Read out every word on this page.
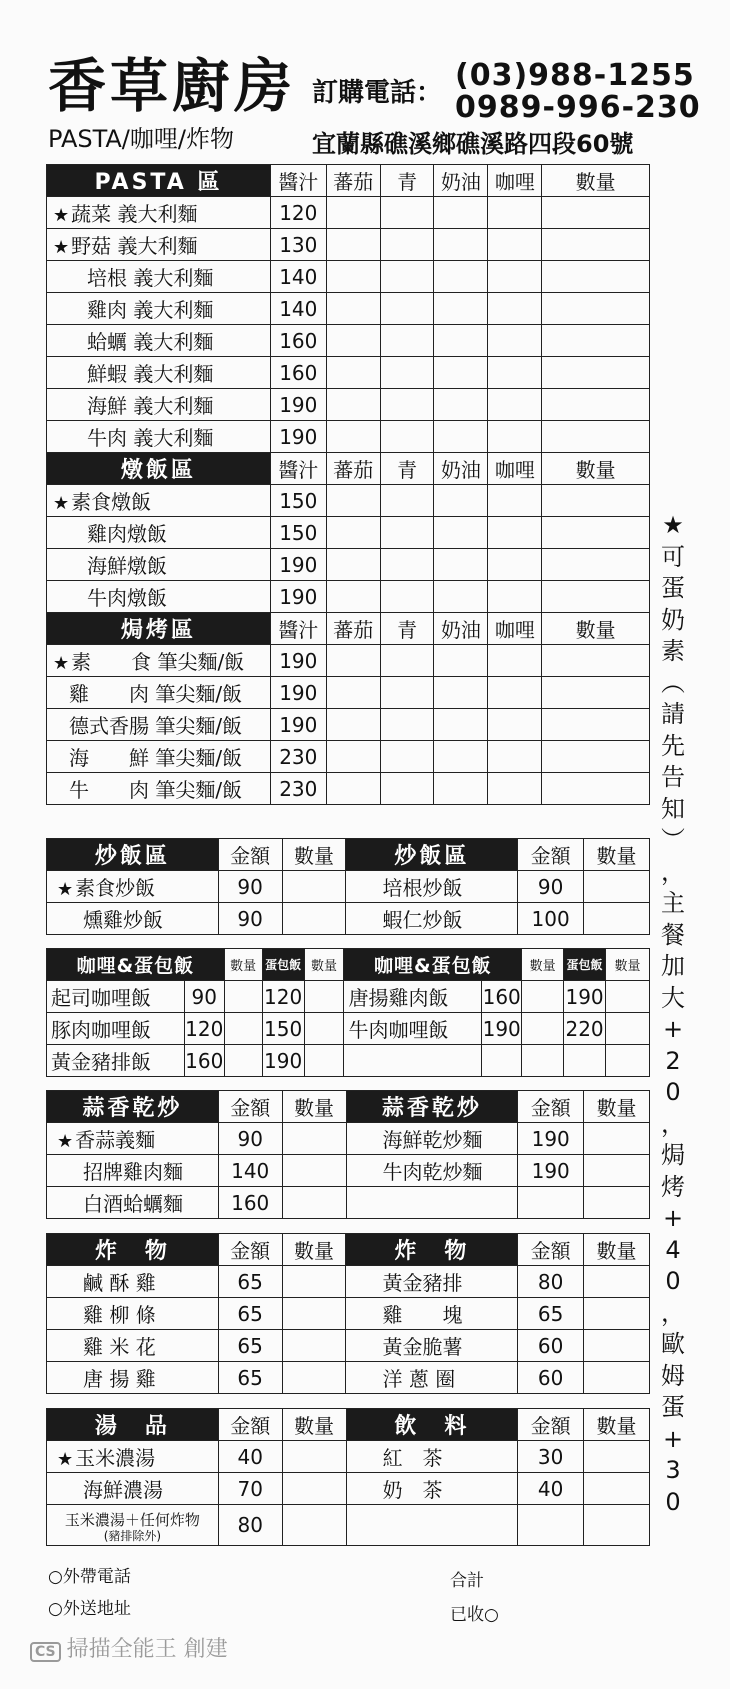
香草廚房
PASTA/咖哩/炸物
訂購電話： (03)988-1255
0989-996-230
宜蘭縣礁溪鄉礁溪路四段60號
PASTA 區	醬汁	蕃茄	青	奶油	咖哩	數量
★ 蔬菜 義大利麵	120					
★ 野菇 義大利麵	130					
培根 義大利麵	140					
雞肉 義大利麵	140					
蛤蠣 義大利麵	160					
鮮蝦 義大利麵	160					
海鮮 義大利麵	190					
牛肉 義大利麵	190					
燉飯區	醬汁	蕃茄	青	奶油	咖哩	數量
★ 素食燉飯	150					
雞肉燉飯	150					
海鮮燉飯	190					
牛肉燉飯	190					
焗烤區	醬汁	蕃茄	青	奶油	咖哩	數量
★ 素　　食 筆尖麵/飯	190					
雞　　肉 筆尖麵/飯	190					
德式香腸 筆尖麵/飯	190					
海　　鮮 筆尖麵/飯	230					
牛　　肉 筆尖麵/飯	230					
炒飯區	金額	數量	炒飯區	金額	數量
★ 素食炒飯	90		培根炒飯	90	
燻雞炒飯	90		蝦仁炒飯	100	
咖哩&蛋包飯		數量	蛋包飯	數量	咖哩&蛋包飯		數量	蛋包飯	數量
起司咖哩飯	90		120		唐揚雞肉飯	160		190	
豚肉咖哩飯	120		150		牛肉咖哩飯	190		220	
黃金豬排飯	160		190						
蒜香乾炒	金額	數量	蒜香乾炒	金額	數量
★ 香蒜義麵	90		海鮮乾炒麵	190	
招牌雞肉麵	140		牛肉乾炒麵	190	
白酒蛤蠣麵	160				
炸　物	金額	數量	炸　物	金額	數量
鹹 酥 雞	65		黃金豬排	80	
雞 柳 條	65		雞　　塊	65	
雞 米 花	65		黃金脆薯	60	
唐 揚 雞	65		洋 蔥 圈	60	
湯　品	金額	數量	飲　料	金額	數量
★ 玉米濃湯	40		紅　茶	30	
海鮮濃湯	70		奶　茶	40	

玉米濃湯＋任何炸物
(豬排除外)	80				
★
可
蛋
奶
素
︵
請
先
告
知
︶
，
主
餐
加
大
+
20
，
焗
烤
+
40
，
歐
姆
蛋
+
30
○外帶電話
○外送地址
合計
已收○
CS 掃描全能王 創建
